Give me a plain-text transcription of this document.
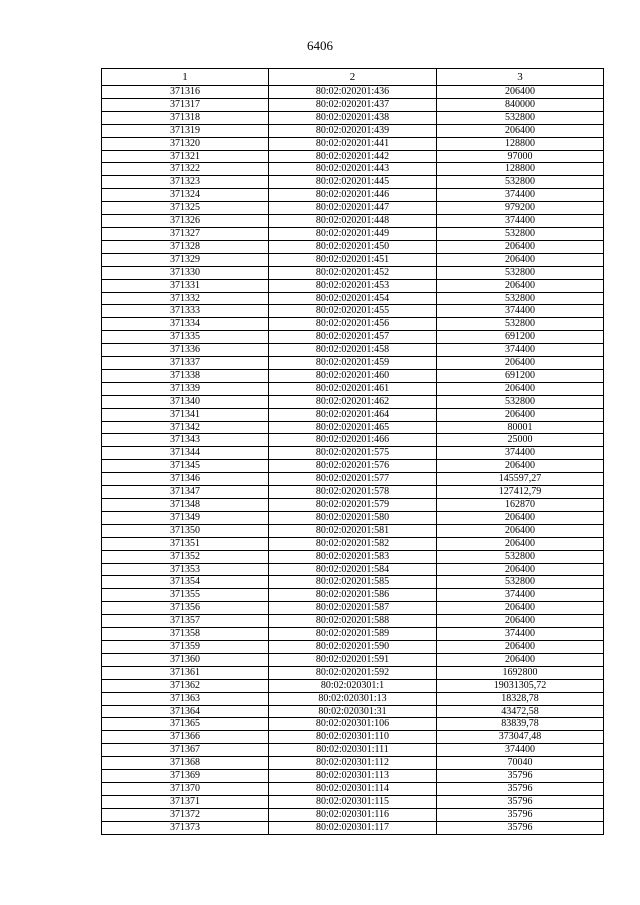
6406
1	2	3
371316	80:02:020201:436	206400
371317	80:02:020201:437	840000
371318	80:02:020201:438	532800
371319	80:02:020201:439	206400
371320	80:02:020201:441	128800
371321	80:02:020201:442	97000
371322	80:02:020201:443	128800
371323	80:02:020201:445	532800
371324	80:02:020201:446	374400
371325	80:02:020201:447	979200
371326	80:02:020201:448	374400
371327	80:02:020201:449	532800
371328	80:02:020201:450	206400
371329	80:02:020201:451	206400
371330	80:02:020201:452	532800
371331	80:02:020201:453	206400
371332	80:02:020201:454	532800
371333	80:02:020201:455	374400
371334	80:02:020201:456	532800
371335	80:02:020201:457	691200
371336	80:02:020201:458	374400
371337	80:02:020201:459	206400
371338	80:02:020201:460	691200
371339	80:02:020201:461	206400
371340	80:02:020201:462	532800
371341	80:02:020201:464	206400
371342	80:02:020201:465	80001
371343	80:02:020201:466	25000
371344	80:02:020201:575	374400
371345	80:02:020201:576	206400
371346	80:02:020201:577	145597,27
371347	80:02:020201:578	127412,79
371348	80:02:020201:579	162870
371349	80:02:020201:580	206400
371350	80:02:020201:581	206400
371351	80:02:020201:582	206400
371352	80:02:020201:583	532800
371353	80:02:020201:584	206400
371354	80:02:020201:585	532800
371355	80:02:020201:586	374400
371356	80:02:020201:587	206400
371357	80:02:020201:588	206400
371358	80:02:020201:589	374400
371359	80:02:020201:590	206400
371360	80:02:020201:591	206400
371361	80:02:020201:592	1692800
371362	80:02:020301:1	19031305,72
371363	80:02:020301:13	18328,78
371364	80:02:020301:31	43472,58
371365	80:02:020301:106	83839,78
371366	80:02:020301:110	373047,48
371367	80:02:020301:111	374400
371368	80:02:020301:112	70040
371369	80:02:020301:113	35796
371370	80:02:020301:114	35796
371371	80:02:020301:115	35796
371372	80:02:020301:116	35796
371373	80:02:020301:117	35796
